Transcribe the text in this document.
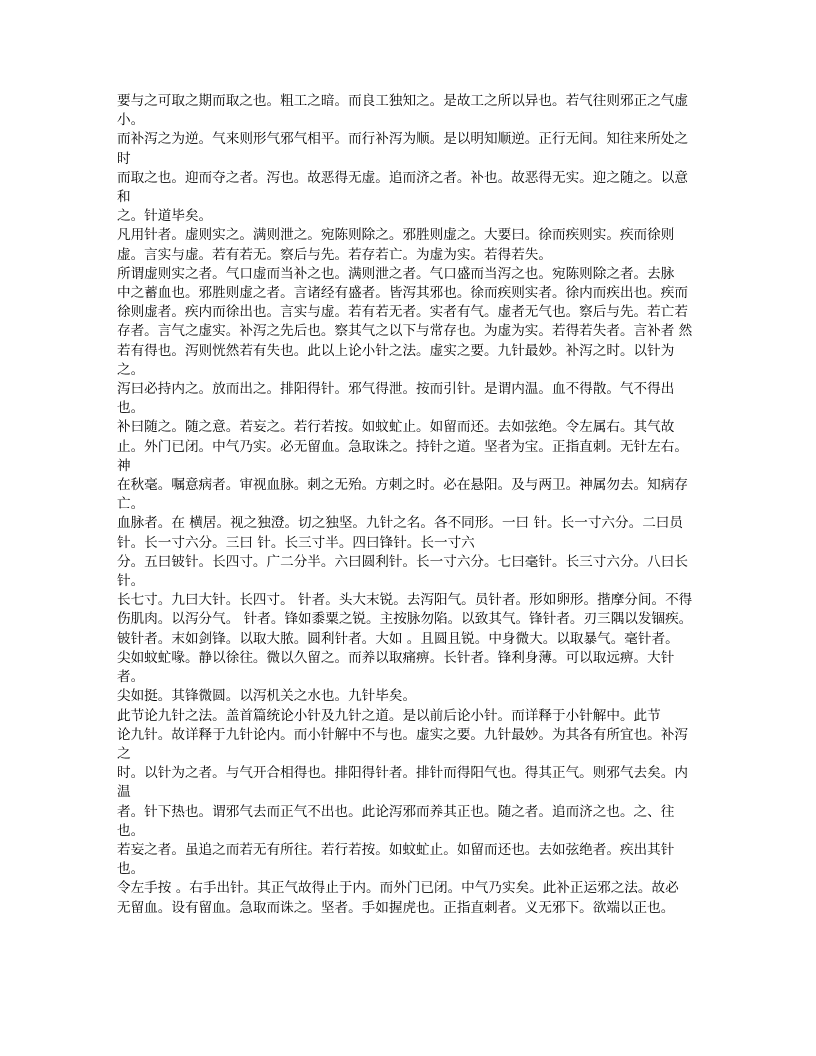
要与之可取之期而取之也。粗工之暗。而良工独知之。是故工之所以异也。若气往则邪正之气虚小。
而补泻之为逆。气来则形气邪气相平。而行补泻为顺。是以明知顺逆。正行无间。知往来所处之时
而取之也。迎而夺之者。泻也。故恶得无虚。追而济之者。补也。故恶得无实。迎之随之。以意和
之。针道毕矣。
凡用针者。虚则实之。满则泄之。宛陈则除之。邪胜则虚之。大要曰。徐而疾则实。疾而徐则
虚。言实与虚。若有若无。察后与先。若存若亡。为虚为实。若得若失。
所谓虚则实之者。气口虚而当补之也。满则泄之者。气口盛而当泻之也。宛陈则除之者。去脉
中之蓄血也。邪胜则虚之者。言诸经有盛者。皆泻其邪也。徐而疾则实者。徐内而疾出也。疾而
徐则虚者。疾内而徐出也。言实与虚。若有若无者。实者有气。虚者无气也。察后与先。若亡若
存者。言气之虚实。补泻之先后也。察其气之以下与常存也。为虚为实。若得若失者。言补者 然
若有得也。泻则恍然若有失也。此以上论小针之法。虚实之要。九针最妙。补泻之时。以针为之。
泻曰必持内之。放而出之。排阳得针。邪气得泄。按而引针。是谓内温。血不得散。气不得出也。
补曰随之。随之意。若妄之。若行若按。如蚊虻止。如留而还。去如弦绝。令左属右。其气故
止。外门已闭。中气乃实。必无留血。急取诛之。持针之道。坚者为宝。正指直刺。无针左右。神
在秋毫。嘱意病者。审视血脉。刺之无殆。方刺之时。必在悬阳。及与两卫。神属勿去。知病存亡。
血脉者。在 横居。视之独澄。切之独坚。九针之名。各不同形。一曰 针。长一寸六分。二曰员
针。长一寸六分。三曰 针。长三寸半。四曰锋针。长一寸六
分。五曰铍针。长四寸。广二分半。六曰圆利针。长一寸六分。七曰毫针。长三寸六分。八曰长针。
长七寸。九曰大针。长四寸。 针者。头大末锐。去泻阳气。员针者。形如卵形。揩摩分间。不得
伤肌肉。以泻分气。 针者。锋如黍粟之锐。主按脉勿陷。以致其气。锋针者。刃三隅以发锢疾。
铍针者。末如剑锋。以取大脓。圆利针者。大如 。且圆且锐。中身微大。以取暴气。毫针者。
尖如蚊虻喙。静以徐往。微以久留之。而养以取痛痹。长针者。锋利身薄。可以取远痹。大针者。
尖如挺。其锋微圆。以泻机关之水也。九针毕矣。
此节论九针之法。盖首篇统论小针及九针之道。是以前后论小针。而详释于小针解中。此节
论九针。故详释于九针论内。而小针解中不与也。虚实之要。九针最妙。为其各有所宜也。补泻之
时。以针为之者。与气开合相得也。排阳得针者。排针而得阳气也。得其正气。则邪气去矣。内温
者。针下热也。谓邪气去而正气不出也。此论泻邪而养其正也。随之者。追而济之也。之、往也。
若妄之者。虽追之而若无有所往。若行若按。如蚊虻止。如留而还也。去如弦绝者。疾出其针也。
令左手按 。右手出针。其正气故得止于内。而外门已闭。中气乃实矣。此补正运邪之法。故必
无留血。设有留血。急取而诛之。坚者。手如握虎也。正指直刺者。义无邪下。欲端以正也。
